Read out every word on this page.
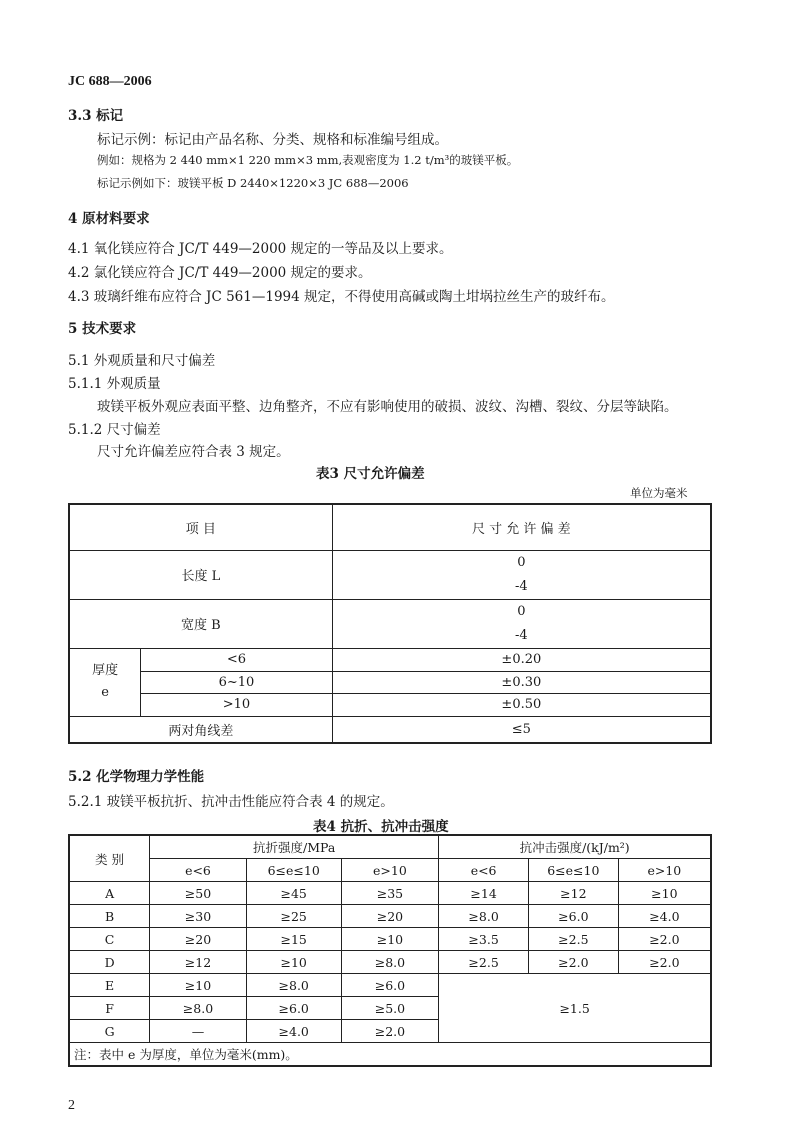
JC 688—2006
3.3 标记
标记示例：标记由产品名称、分类、规格和标准编号组成。
例如：规格为 2 440 mm×1 220 mm×3 mm,表观密度为 1.2 t/m³的玻镁平板。
标记示例如下：玻镁平板 D 2440×1220×3 JC 688—2006
4 原材料要求
4.1 氧化镁应符合 JC/T 449—2000 规定的一等品及以上要求。
4.2 氯化镁应符合 JC/T 449—2000 规定的要求。
4.3 玻璃纤维布应符合 JC 561—1994 规定，不得使用高碱或陶土坩埚拉丝生产的玻纤布。
5 技术要求
5.1 外观质量和尺寸偏差
5.1.1 外观质量
玻镁平板外观应表面平整、边角整齐，不应有影响使用的破损、波纹、沟槽、裂纹、分层等缺陷。
5.1.2 尺寸偏差
尺寸允许偏差应符合表 3 规定。
表3 尺寸允许偏差
单位为毫米
项 目		尺 寸 允 许 偏 差
长度 L		0
-4

宽度 B		0
-4

厚度
e	<6	±0.20
	6~10	±0.30
	>10	±0.50
两对角线差		≤5
5.2 化学物理力学性能
5.2.1 玻镁平板抗折、抗冲击性能应符合表 4 的规定。
表4 抗折、抗冲击强度
类 别	抗折强度/MPa			抗冲击强度/(kJ/m²)		
	e<6	6≤e≤10	e>10	e<6	6≤e≤10	e>10
A	≥50	≥45	≥35	≥14	≥12	≥10
B	≥30	≥25	≥20	≥8.0	≥6.0	≥4.0
C	≥20	≥15	≥10	≥3.5	≥2.5	≥2.0
D	≥12	≥10	≥8.0	≥2.5	≥2.0	≥2.0
E	≥10	≥8.0	≥6.0	≥1.5		
F	≥8.0	≥6.0	≥5.0			
G	—	≥4.0	≥2.0			
注：表中 e 为厚度，单位为毫米(mm)。						
2
